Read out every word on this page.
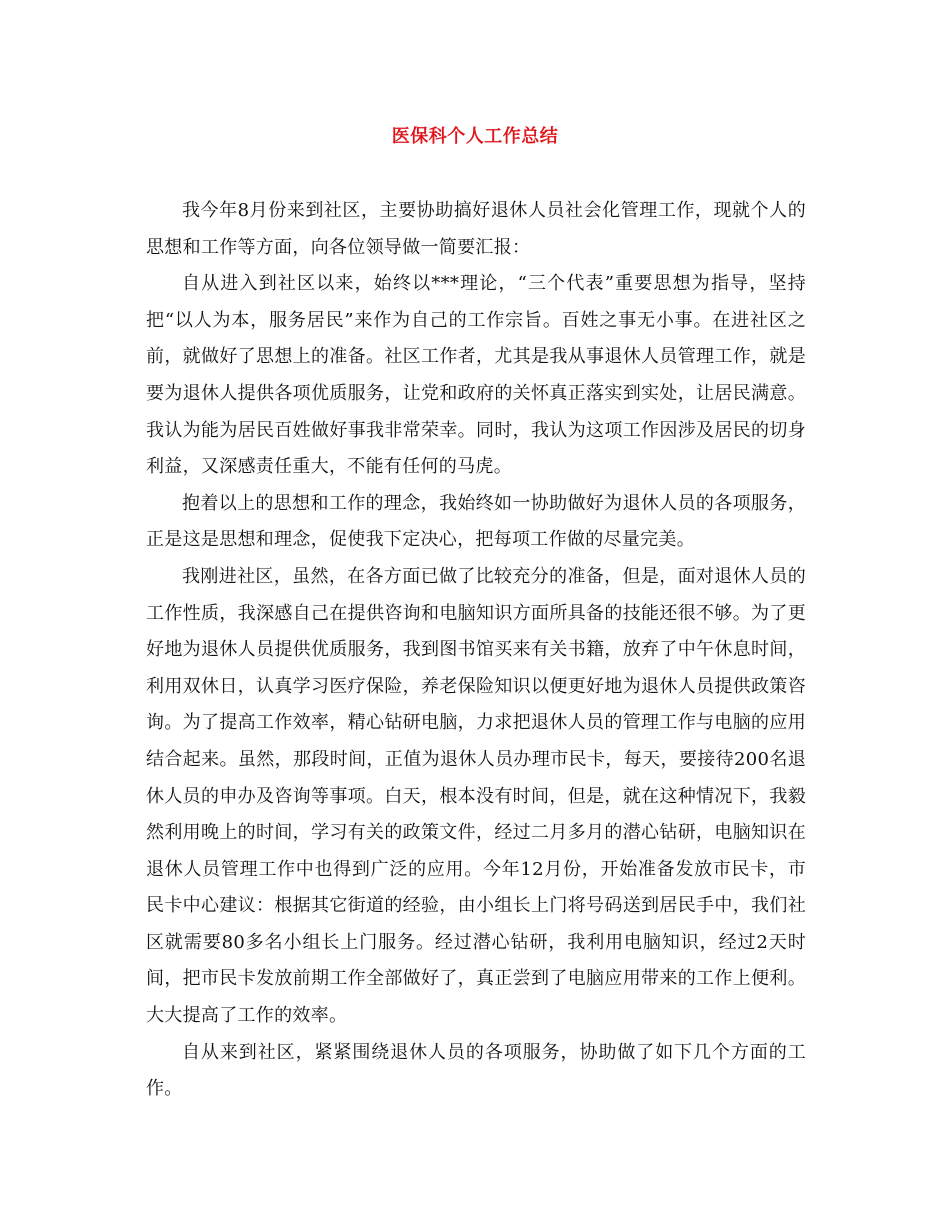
医保科个人工作总结

我今年8月份来到社区，主要协助搞好退休人员社会化管理工作，现就个人的思想和工作等方面，向各位领导做一简要汇报：

自从进入到社区以来，始终以***理论，“三个代表”重要思想为指导，坚持把“以人为本，服务居民”来作为自己的工作宗旨。百姓之事无小事。在进社区之前，就做好了思想上的准备。社区工作者，尤其是我从事退休人员管理工作，就是要为退休人提供各项优质服务，让党和政府的关怀真正落实到实处，让居民满意。我认为能为居民百姓做好事我非常荣幸。同时，我认为这项工作因涉及居民的切身利益，又深感责任重大，不能有任何的马虎。

抱着以上的思想和工作的理念，我始终如一协助做好为退休人员的各项服务，正是这是思想和理念，促使我下定决心，把每项工作做的尽量完美。

我刚进社区，虽然，在各方面已做了比较充分的准备，但是，面对退休人员的工作性质，我深感自己在提供咨询和电脑知识方面所具备的技能还很不够。为了更好地为退休人员提供优质服务，我到图书馆买来有关书籍，放弃了中午休息时间，利用双休日，认真学习医疗保险，养老保险知识以便更好地为退休人员提供政策咨询。为了提高工作效率，精心钻研电脑，力求把退休人员的管理工作与电脑的应用结合起来。虽然，那段时间，正值为退休人员办理市民卡，每天，要接待200名退休人员的申办及咨询等事项。白天，根本没有时间，但是，就在这种情况下，我毅然利用晚上的时间，学习有关的政策文件，经过二月多月的潜心钻研，电脑知识在退休人员管理工作中也得到广泛的应用。今年12月份，开始准备发放市民卡，市民卡中心建议：根据其它街道的经验，由小组长上门将号码送到居民手中，我们社区就需要80多名小组长上门服务。经过潜心钻研，我利用电脑知识，经过2天时间，把市民卡发放前期工作全部做好了，真正尝到了电脑应用带来的工作上便利。大大提高了工作的效率。

自从来到社区，紧紧围绕退休人员的各项服务，协助做了如下几个方面的工作。
